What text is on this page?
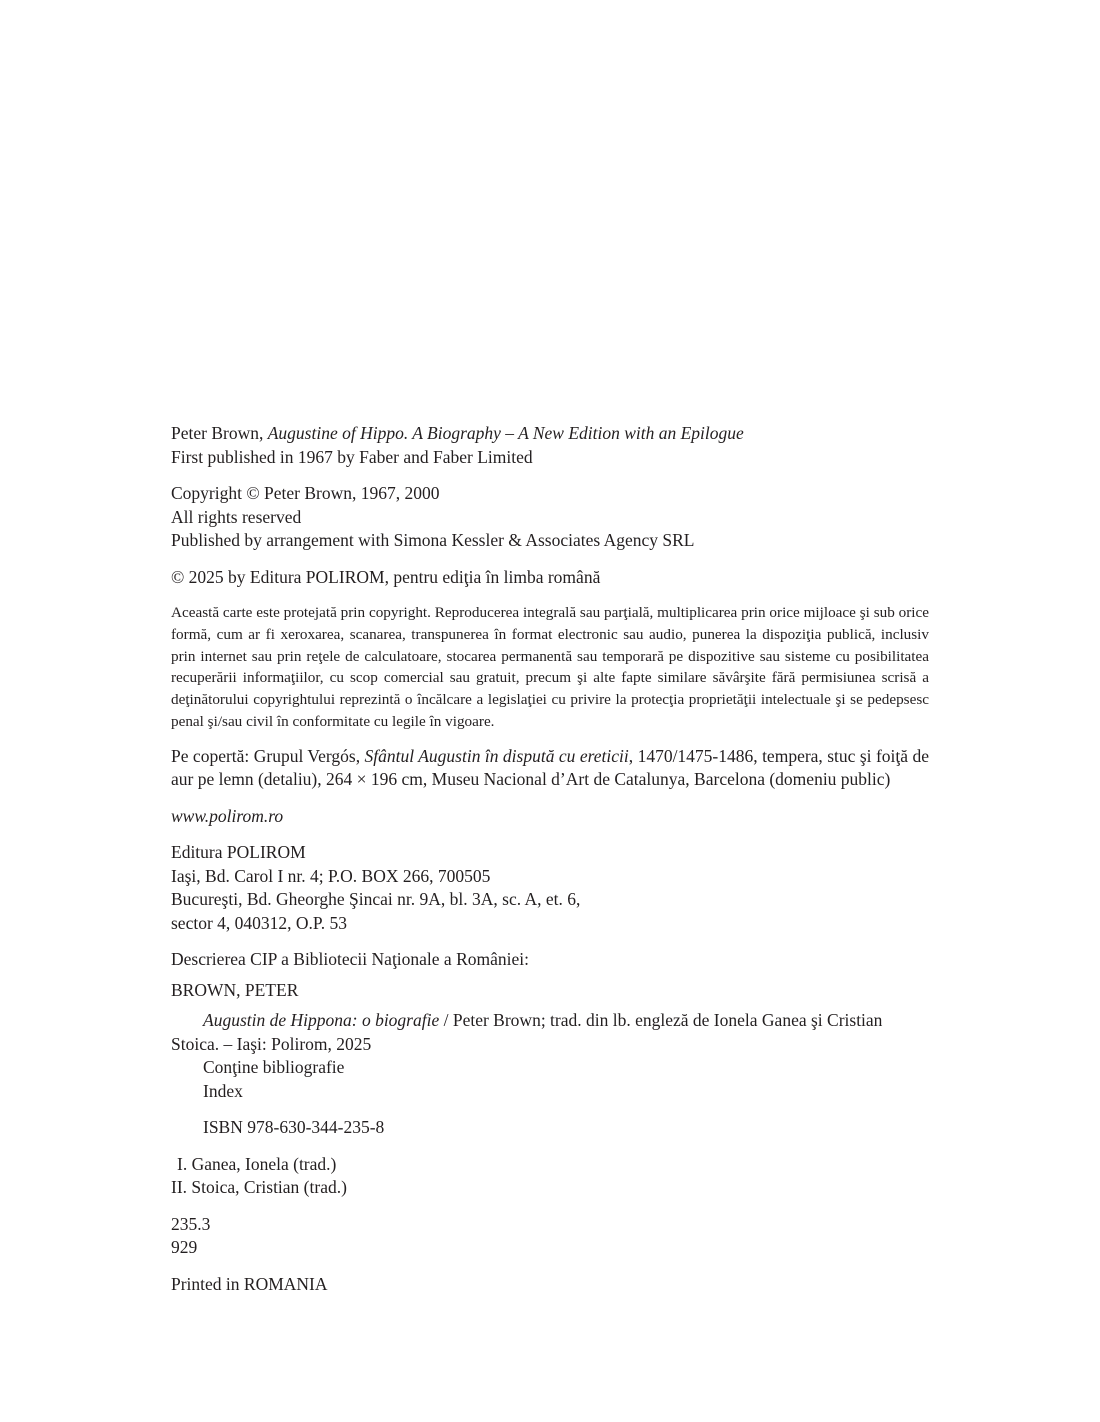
Peter Brown, Augustine of Hippo. A Biography – A New Edition with an Epilogue
First published in 1967 by Faber and Faber Limited
Copyright © Peter Brown, 1967, 2000
All rights reserved
Published by arrangement with Simona Kessler & Associates Agency SRL
© 2025 by Editura POLIROM, pentru ediţia în limba română
Această carte este protejată prin copyright. Reproducerea integrală sau parţială, multiplicarea prin orice mijloace şi sub orice formă, cum ar fi xeroxarea, scanarea, transpunerea în format electronic sau audio, punerea la dispoziţia publică, inclusiv prin internet sau prin reţele de calculatoare, stocarea permanentă sau temporară pe dispozitive sau sisteme cu posibilitatea recuperării informaţiilor, cu scop comercial sau gratuit, precum şi alte fapte similare săvârşite fără permisiunea scrisă a deţinătorului copyrightului reprezintă o încălcare a legislaţiei cu privire la protecţia proprietăţii intelectuale şi se pedepsesc penal şi/sau civil în conformitate cu legile în vigoare.
Pe copertă: Grupul Vergós, Sfântul Augustin în dispută cu ereticii, 1470/1475-1486, tempera, stuc şi foiţă de aur pe lemn (detaliu), 264 × 196 cm, Museu Nacional d’Art de Catalunya, Barcelona (domeniu public)
www.polirom.ro
Editura POLIROM
Iaşi, Bd. Carol I nr. 4; P.O. BOX 266, 700505
Bucureşti, Bd. Gheorghe Şincai nr. 9A, bl. 3A, sc. A, et. 6,
sector 4, 040312, O.P. 53
Descrierea CIP a Bibliotecii Naţionale a României:
BROWN, PETER
Augustin de Hippona: o biografie / Peter Brown; trad. din lb. engleză de Ionela Ganea şi Cristian Stoica. – Iaşi: Polirom, 2025
Conţine bibliografie
Index
ISBN 978-630-344-235-8
I. Ganea, Ionela (trad.)
II. Stoica, Cristian (trad.)
235.3
929
Printed in ROMANIA
